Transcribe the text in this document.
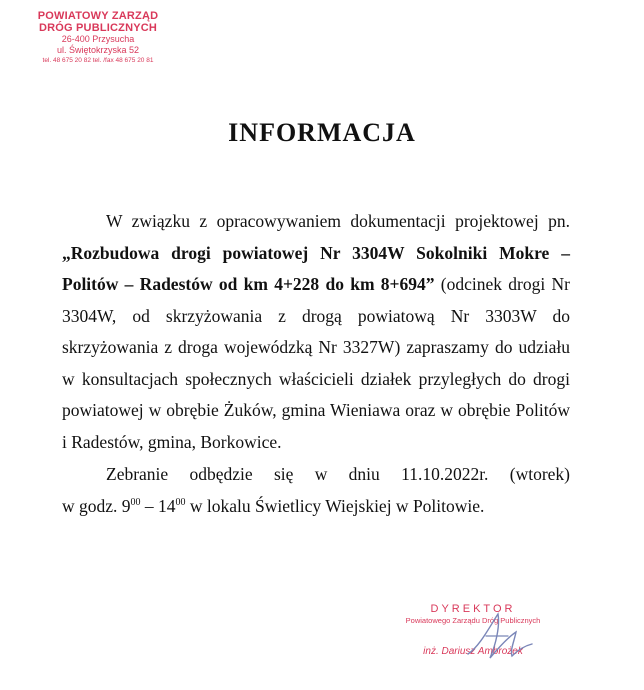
POWIATOWY ZARZĄD
DRÓG PUBLICZNYCH
26-400 Przysucha
ul. Świętokrzyska 52
tel. 48 675 20 82 tel. /fax 48 675 20 81
INFORMACJA

W związku z opracowywaniem dokumentacji projektowej pn. „Rozbudowa drogi powiatowej Nr 3304W Sokolniki Mokre – Politów – Radestów od km 4+228 do km 8+694” (odcinek drogi Nr 3304W, od skrzyżowania z drogą powiatową Nr 3303W do skrzyżowania z droga wojewódzką Nr 3327W) zapraszamy do udziału w konsultacjach społecznych właścicieli działek przyległych do drogi powiatowej w obrębie Żuków, gmina Wieniawa oraz w obrębie Politów i Radestów, gmina, Borkowice.

Zebranie odbędzie się w dniu 11.10.2022r. (wtorek)

w godz. $9^{00} - 14^{00}$ w lokalu Świetlicy Wiejskiej w Politowie.

DYREKTOR
Powiatowego Zarządu Dróg Publicznych
inż. Dariusz Ambrożek
